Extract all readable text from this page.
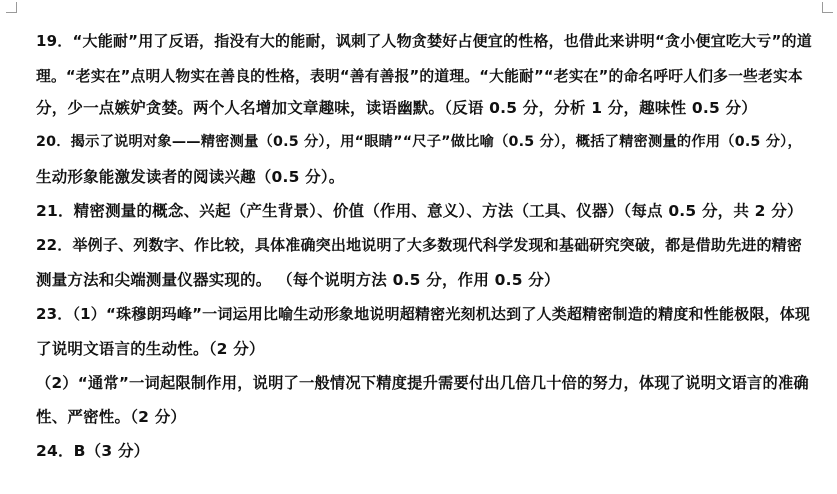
19．“大能耐”用了反语，指没有大的能耐，讽刺了人物贪婪好占便宜的性格，也借此来讲明“贪小便宜吃大亏”的道
理。“老实在”点明人物实在善良的性格，表明“善有善报”的道理。“大能耐”“老实在”的命名呼吁人们多一些老实本
分，少一点嫉妒贪婪。两个人名增加文章趣味，读语幽默。（反语 0.5 分，分析 1 分，趣味性 0.5 分）
20．揭示了说明对象——精密测量（0.5 分），用“眼睛”“尺子”做比喻（0.5 分），概括了精密测量的作用（0.5 分），
生动形象能激发读者的阅读兴趣（0.5 分）。
21．精密测量的概念、兴起（产生背景）、价值（作用、意义）、方法（工具、仪器）（每点 0.5 分，共 2 分）
22．举例子、列数字、作比较，具体准确突出地说明了大多数现代科学发现和基础研究突破，都是借助先进的精密
测量方法和尖端测量仪器实现的。 （每个说明方法 0.5 分，作用 0.5 分）
23．（1）“珠穆朗玛峰”一词运用比喻生动形象地说明超精密光刻机达到了人类超精密制造的精度和性能极限，体现
了说明文语言的生动性。（2 分）
（2）“通常”一词起限制作用，说明了一般情况下精度提升需要付出几倍几十倍的努力，体现了说明文语言的准确
性、严密性。（2 分）
24．B（3 分）
